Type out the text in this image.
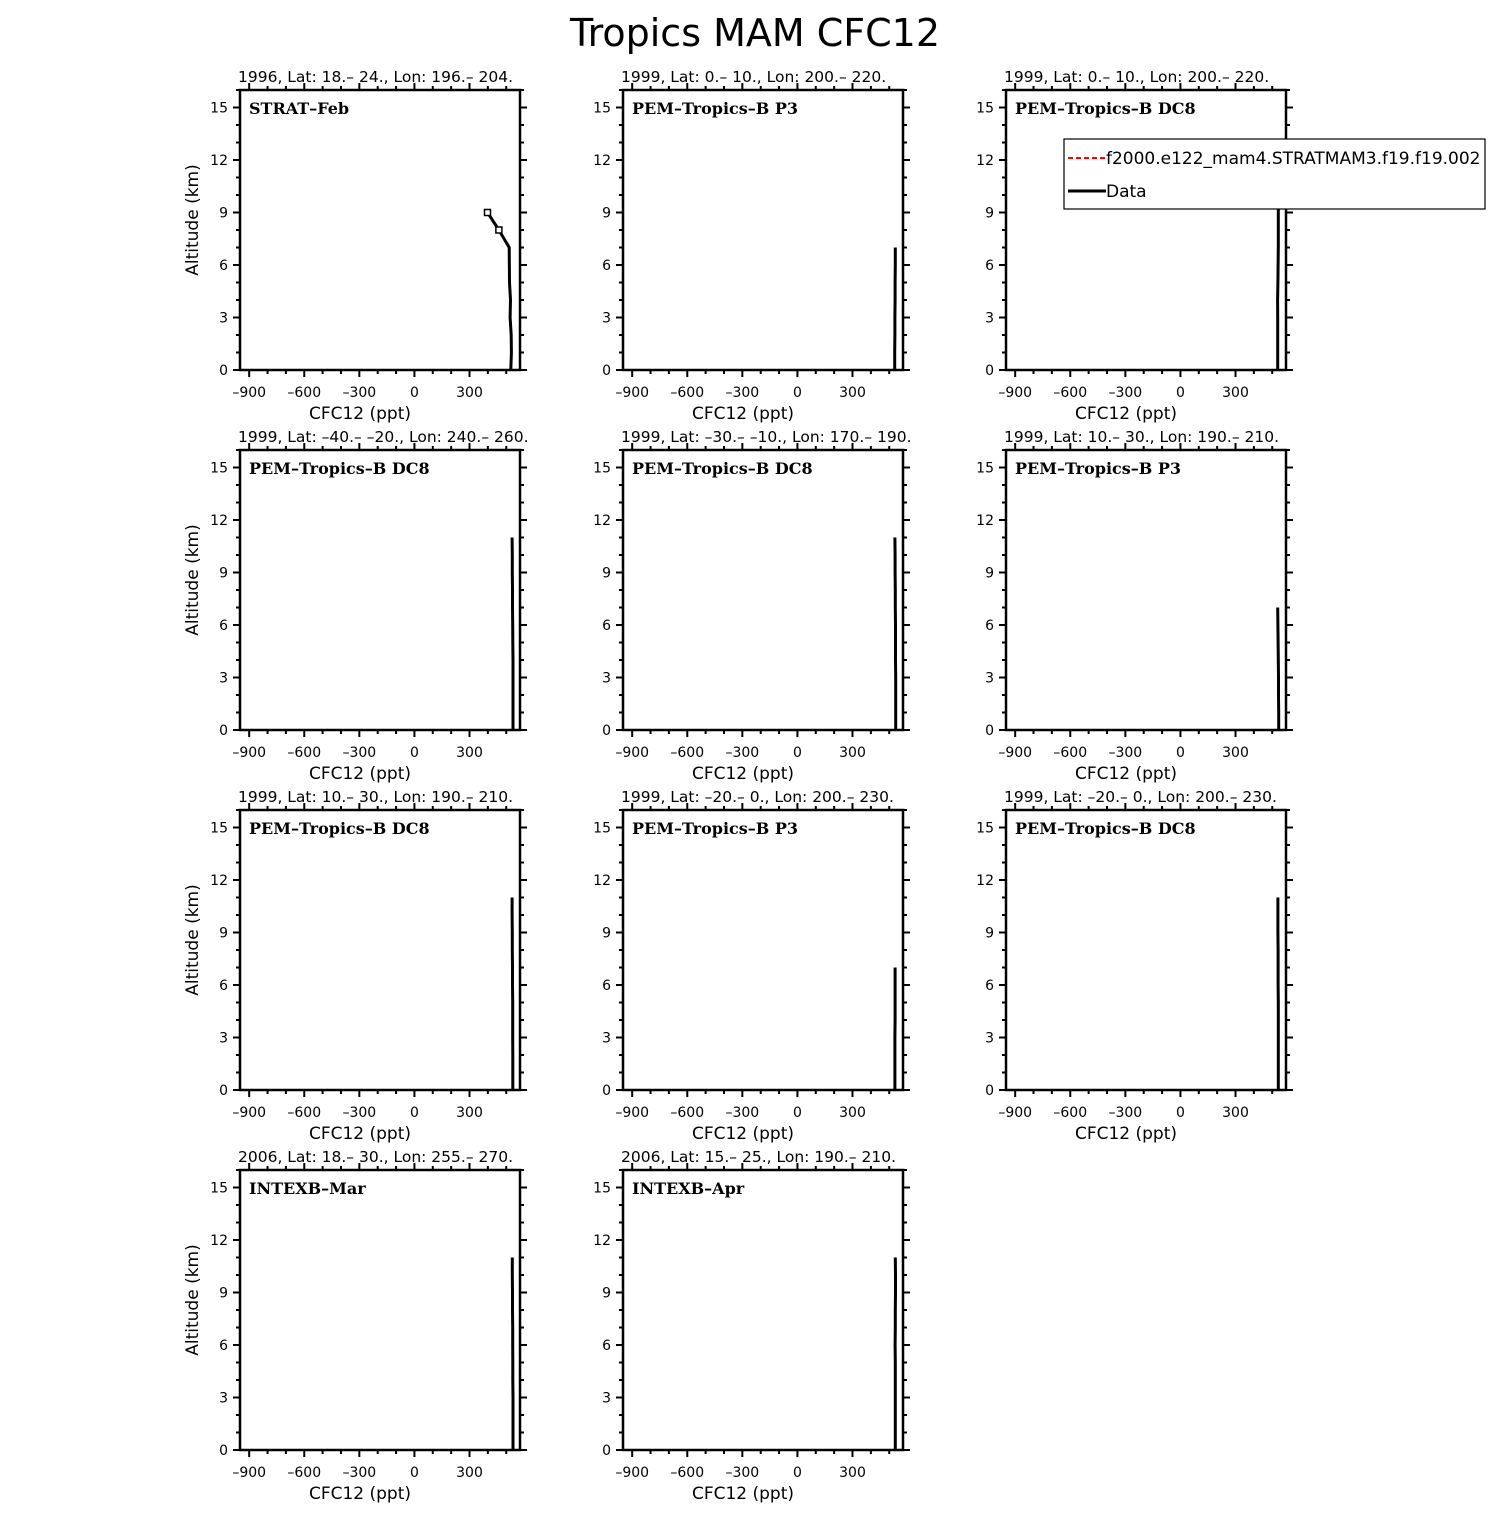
Tropics MAM CFC12
–900 –600 –300 0	300
0
3
6
9
12
15
CFC12 (ppt)
Altitude (km)
1996, Lat: 18.– 24., Lon: 196.– 204.
STRAT–Feb
–900 –600 –300 0	300
0
3
6
9
12
15
CFC12 (ppt)
1999, Lat: 0.– 10., Lon: 200.– 220.
PEM–Tropics–B P3
–900 –600 –300 0	300
0
3
6
9
12
15
CFC12 (ppt)
1999, Lat: 0.– 10., Lon: 200.– 220.
PEM–Tropics–B DC8
–900 –600 –300 0	300
0
3
6
9
12
15
CFC12 (ppt)
Altitude (km)
1999, Lat: –40.– –20., Lon: 240.– 260.
PEM–Tropics–B DC8
–900 –600 –300 0	300
0
3
6
9
12
15
CFC12 (ppt)
1999, Lat: –30.– –10., Lon: 170.– 190.
PEM–Tropics–B DC8
–900 –600 –300 0	300
0
3
6
9
12
15
CFC12 (ppt)
1999, Lat: 10.– 30., Lon: 190.– 210.
PEM–Tropics–B P3
–900 –600 –300 0	300
0
3
6
9
12
15
CFC12 (ppt)
Altitude (km)
1999, Lat: 10.– 30., Lon: 190.– 210.
PEM–Tropics–B DC8
–900 –600 –300 0	300
0
3
6
9
12
15
CFC12 (ppt)
1999, Lat: –20.– 0., Lon: 200.– 230.
PEM–Tropics–B P3
–900 –600 –300 0	300
0
3
6
9
12
15
CFC12 (ppt)
1999, Lat: –20.– 0., Lon: 200.– 230.
PEM–Tropics–B DC8
–900 –600 –300 0	300
0
3
6
9
12
15
CFC12 (ppt)
Altitude (km)
2006, Lat: 18.– 30., Lon: 255.– 270.
INTEXB–Mar
–900 –600 –300 0	300
0
3
6
9
12
15
CFC12 (ppt)
2006, Lat: 15.– 25., Lon: 190.– 210.
INTEXB–Apr
f2000.e122_mam4.STRATMAM3.f19.f19.002
Data
